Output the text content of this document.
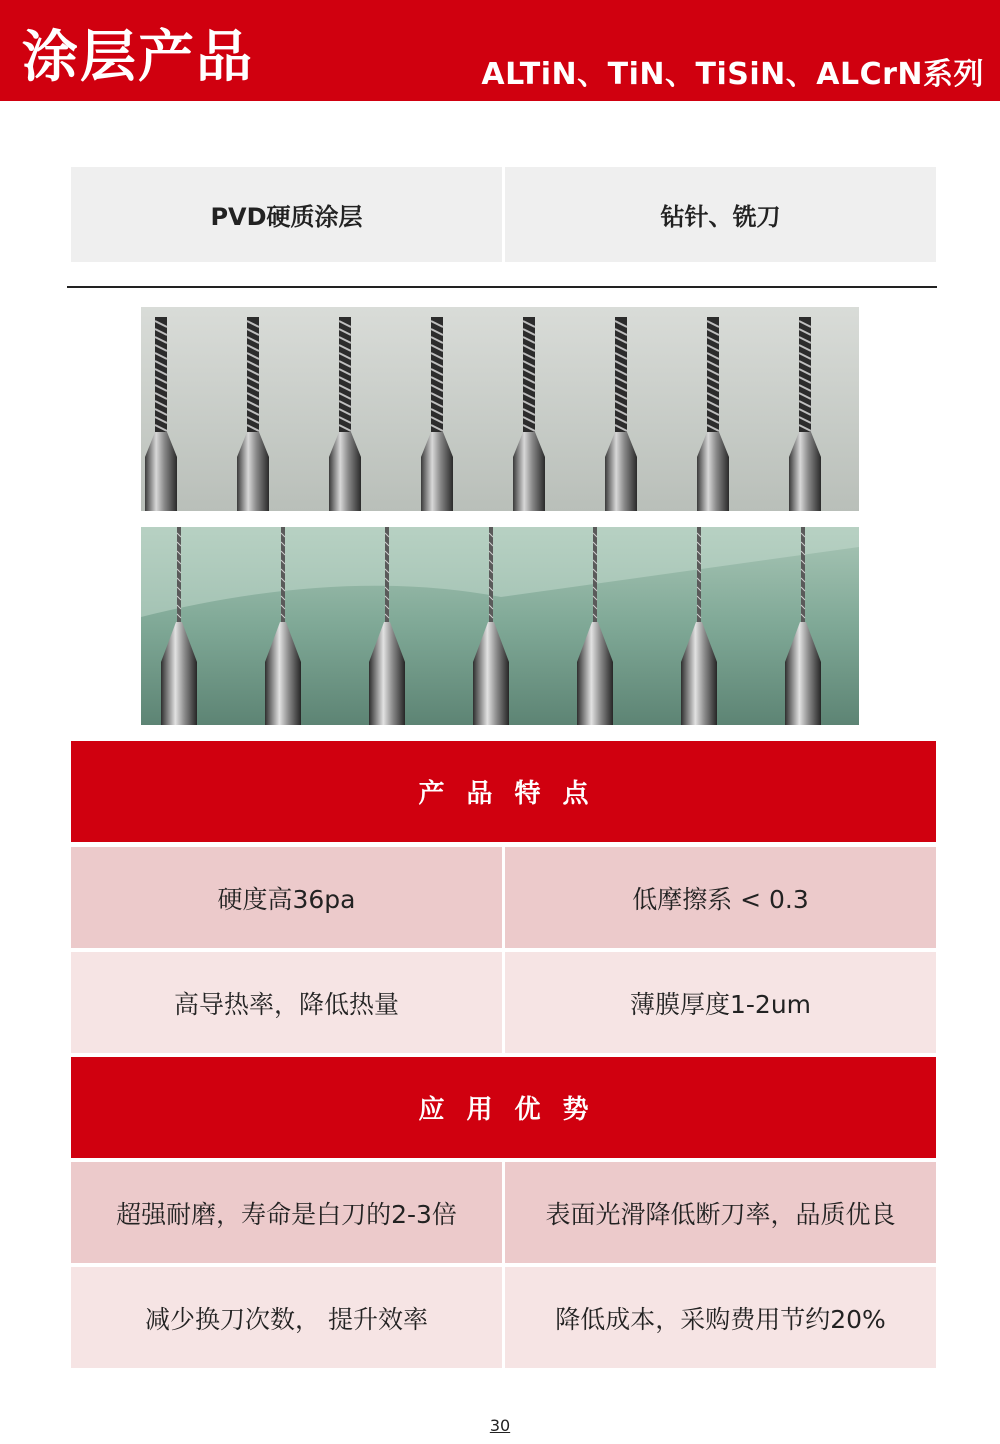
涂层产品	ALTiN、TiN、TiSiN、ALCrN系列
PVD硬质涂层	钻针、铣刀
产品特点
硬度高36pa	低摩擦系 < 0.3
高导热率，降低热量	薄膜厚度1-2um
应用优势
超强耐磨，寿命是白刀的2-3倍	表面光滑降低断刀率，品质优良
减少换刀次数， 提升效率	降低成本，采购费用节约20%
30
